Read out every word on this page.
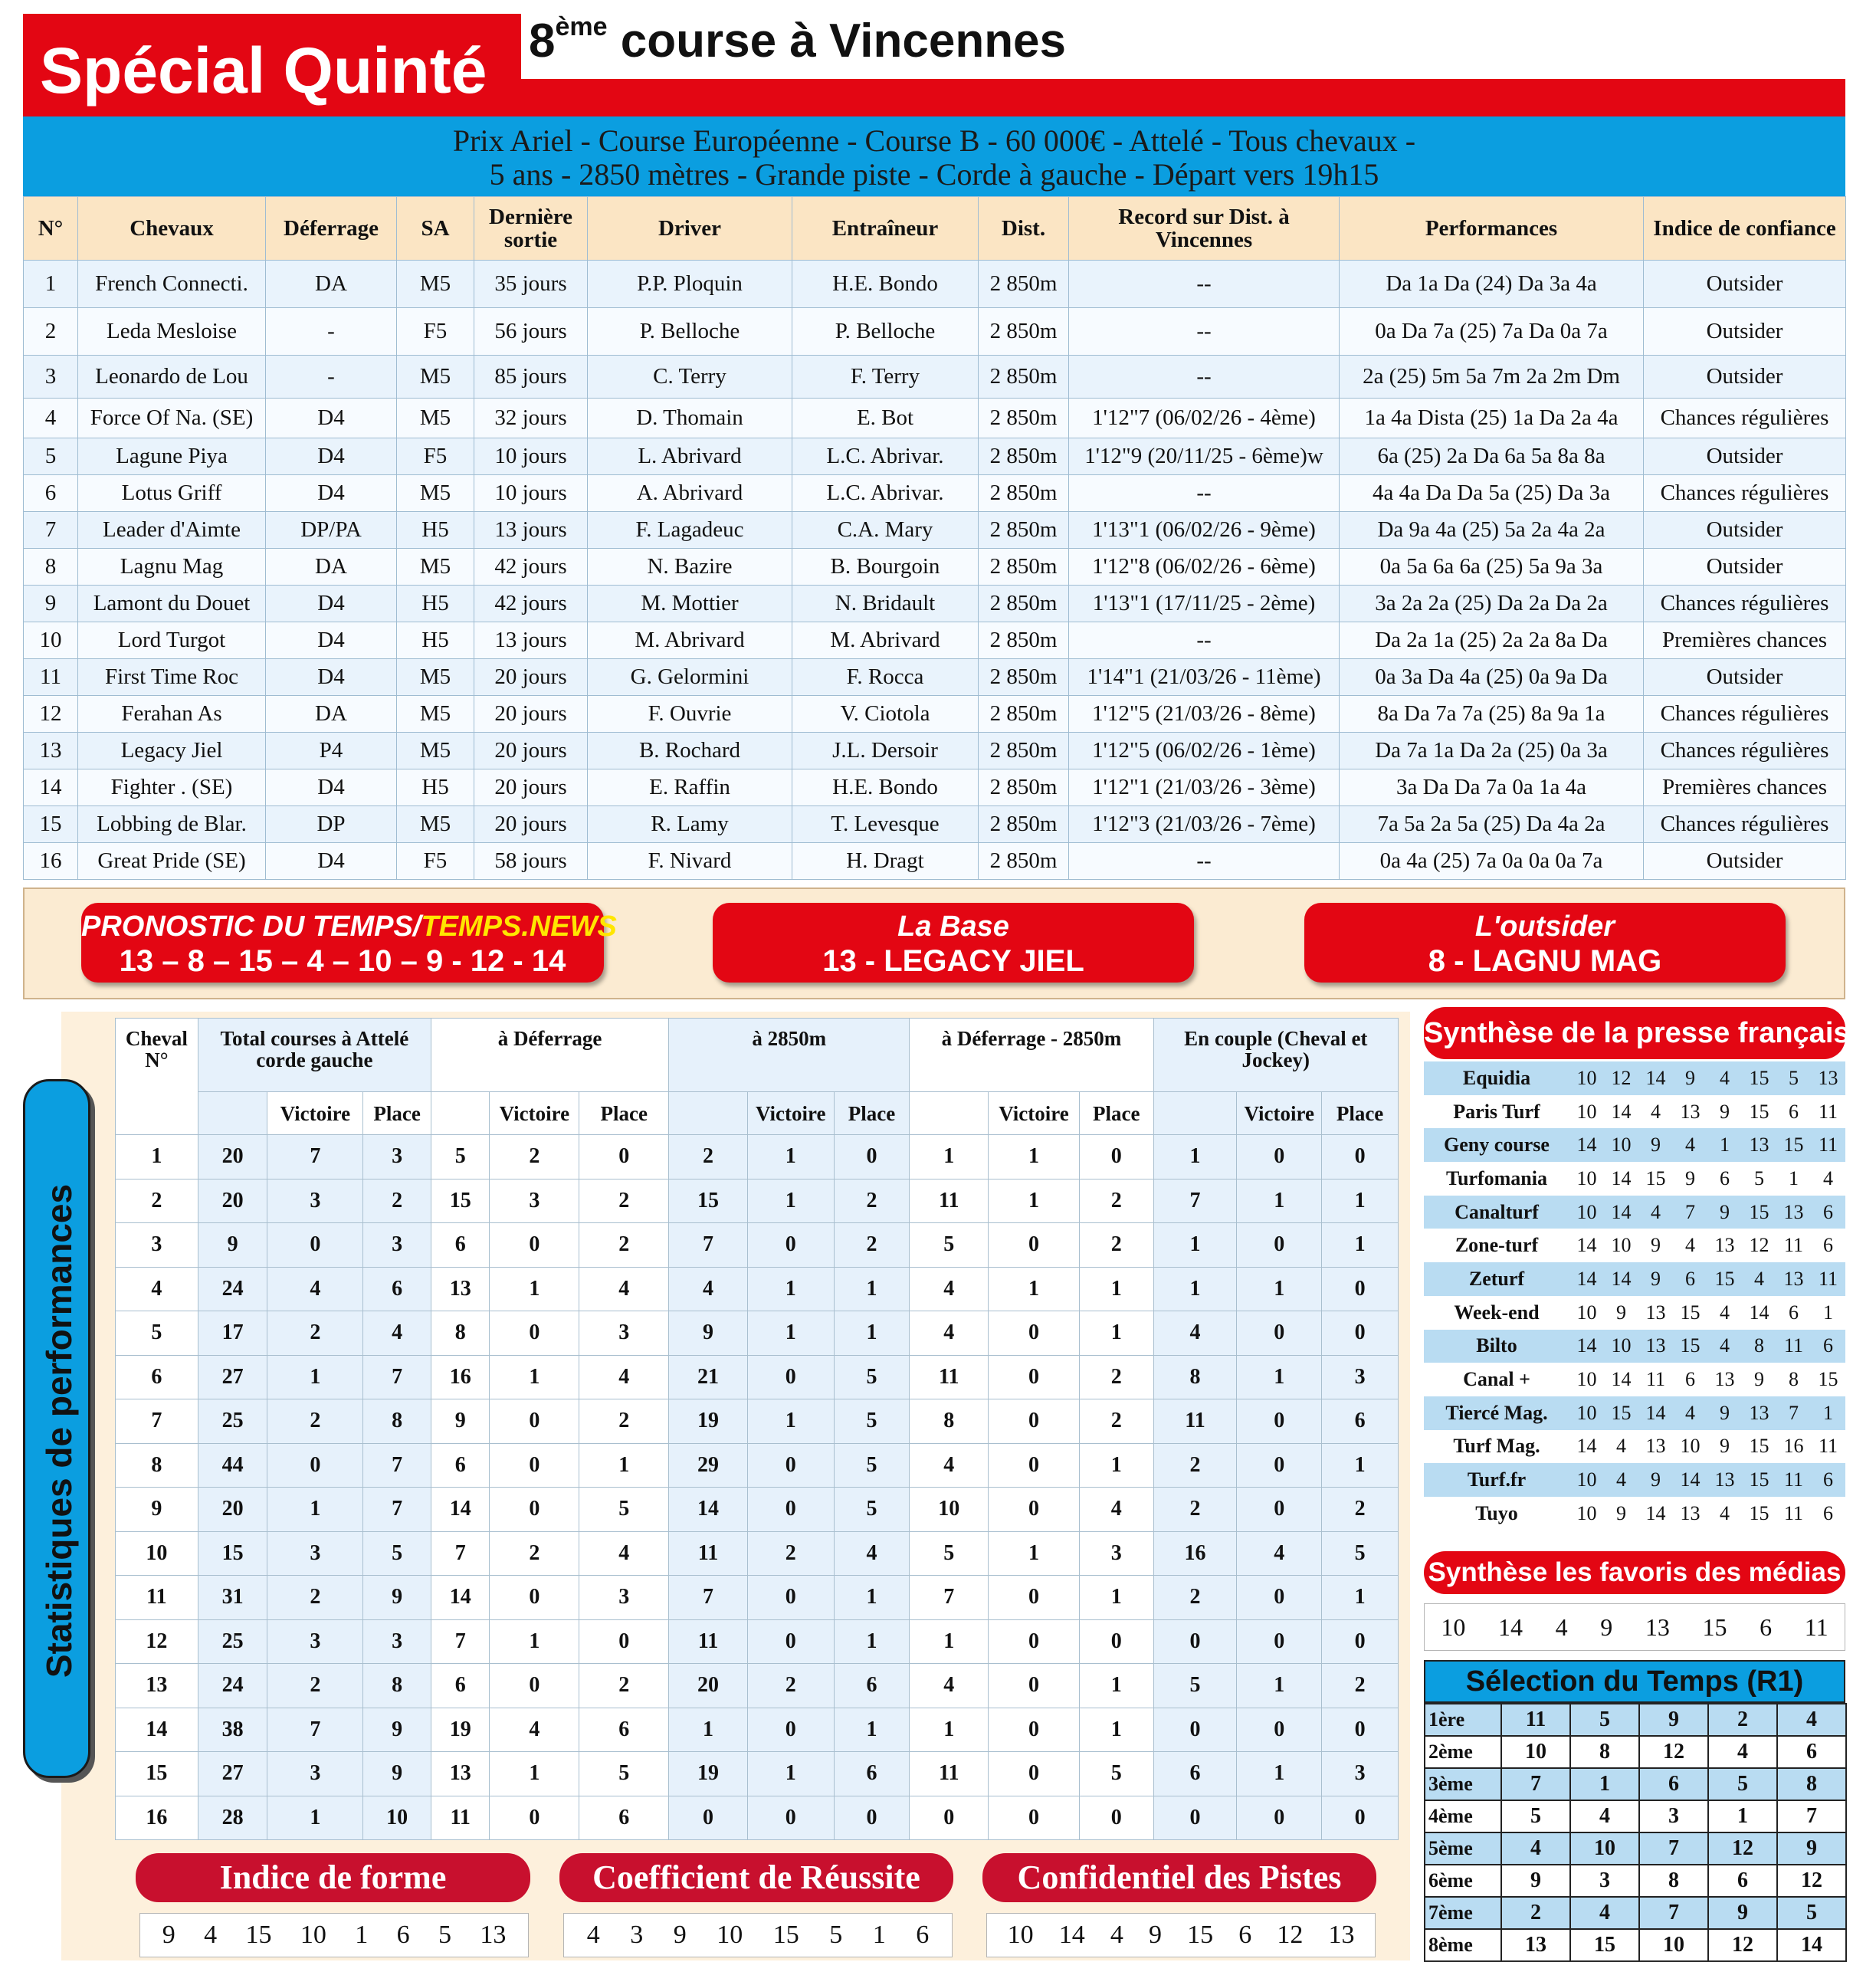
Spécial Quinté 8ème course à Vincennes
Prix Ariel - Course Européenne - Course B - 60 000€ - Attelé - Tous chevaux -
5 ans - 2850 mètres - Grande piste - Corde à gauche - Départ vers 19h15
N°	Chevaux	Déferrage	SA	Dernière sortie	Driver	Entraîneur	Dist.	Record sur Dist. à Vincennes	Performances	Indice de confiance
1	French Connecti.	DA	M5	35 jours	P.P. Ploquin	H.E. Bondo	2 850m	--	Da 1a Da (24) Da 3a 4a	Outsider
2	Leda Mesloise	-	F5	56 jours	P. Belloche	P. Belloche	2 850m	--	0a Da 7a (25) 7a Da 0a 7a	Outsider
3	Leonardo de Lou	-	M5	85 jours	C. Terry	F. Terry	2 850m	--	2a (25) 5m 5a 7m 2a 2m Dm	Outsider
4	Force Of Na. (SE)	D4	M5	32 jours	D. Thomain	E. Bot	2 850m	1'12"7 (06/02/26 - 4ème)	1a 4a Dista (25) 1a Da 2a 4a	Chances régulières
5	Lagune Piya	D4	F5	10 jours	L. Abrivard	L.C. Abrivar.	2 850m	1'12"9 (20/11/25 - 6ème)w	6a (25) 2a Da 6a 5a 8a 8a	Outsider
6	Lotus Griff	D4	M5	10 jours	A. Abrivard	L.C. Abrivar.	2 850m	--	4a 4a Da Da 5a (25) Da 3a	Chances régulières
7	Leader d'Aimte	DP/PA	H5	13 jours	F. Lagadeuc	C.A. Mary	2 850m	1'13"1 (06/02/26 - 9ème)	Da 9a 4a (25) 5a 2a 4a 2a	Outsider
8	Lagnu Mag	DA	M5	42 jours	N. Bazire	B. Bourgoin	2 850m	1'12"8 (06/02/26 - 6ème)	0a 5a 6a 6a (25) 5a 9a 3a	Outsider
9	Lamont du Douet	D4	H5	42 jours	M. Mottier	N. Bridault	2 850m	1'13"1 (17/11/25 - 2ème)	3a 2a 2a (25) Da 2a Da 2a	Chances régulières
10	Lord Turgot	D4	H5	13 jours	M. Abrivard	M. Abrivard	2 850m	--	Da 2a 1a (25) 2a 2a 8a Da	Premières chances
11	First Time Roc	D4	M5	20 jours	G. Gelormini	F. Rocca	2 850m	1'14"1 (21/03/26 - 11ème)	0a 3a Da 4a (25) 0a 9a Da	Outsider
12	Ferahan As	DA	M5	20 jours	F. Ouvrie	V. Ciotola	2 850m	1'12"5 (21/03/26 - 8ème)	8a Da 7a 7a (25) 8a 9a 1a	Chances régulières
13	Legacy Jiel	P4	M5	20 jours	B. Rochard	J.L. Dersoir	2 850m	1'12"5 (06/02/26 - 1ème)	Da 7a 1a Da 2a (25) 0a 3a	Chances régulières
14	Fighter . (SE)	D4	H5	20 jours	E. Raffin	H.E. Bondo	2 850m	1'12"1 (21/03/26 - 3ème)	3a Da Da 7a 0a 1a 4a	Premières chances
15	Lobbing de Blar.	DP	M5	20 jours	R. Lamy	T. Levesque	2 850m	1'12"3 (21/03/26 - 7ème)	7a 5a 2a 5a (25) Da 4a 2a	Chances régulières
16	Great Pride (SE)	D4	F5	58 jours	F. Nivard	H. Dragt	2 850m	--	0a 4a (25) 7a 0a 0a 0a 7a	Outsider
PRONOSTIC DU TEMPS/TEMPS.NEWS
13 – 8 – 15 – 4 – 10 – 9 - 12 - 14
La Base
13 - LEGACY JIEL
L'outsider
8 - LAGNU MAG
Statistiques de performances
Cheval N°	Total courses à Attelé corde gauche			à Déferrage			à 2850m			à Déferrage - 2850m			En couple (Cheval et Jockey)		
		Victoire	Place		Victoire	Place		Victoire	Place		Victoire	Place		Victoire	Place
1	20	7	3	5	2	0	2	1	0	1	1	0	1	0	0
2	20	3	2	15	3	2	15	1	2	11	1	2	7	1	1
3	9	0	3	6	0	2	7	0	2	5	0	2	1	0	1
4	24	4	6	13	1	4	4	1	1	4	1	1	1	1	0
5	17	2	4	8	0	3	9	1	1	4	0	1	4	0	0
6	27	1	7	16	1	4	21	0	5	11	0	2	8	1	3
7	25	2	8	9	0	2	19	1	5	8	0	2	11	0	6
8	44	0	7	6	0	1	29	0	5	4	0	1	2	0	1
9	20	1	7	14	0	5	14	0	5	10	0	4	2	0	2
10	15	3	5	7	2	4	11	2	4	5	1	3	16	4	5
11	31	2	9	14	0	3	7	0	1	7	0	1	2	0	1
12	25	3	3	7	1	0	11	0	1	1	0	0	0	0	0
13	24	2	8	6	0	2	20	2	6	4	0	1	5	1	2
14	38	7	9	19	4	6	1	0	1	1	0	1	0	0	0
15	27	3	9	13	1	5	19	1	6	11	0	5	6	1	3
16	28	1	10	11	0	6	0	0	0	0	0	0	0	0	0
Indice de forme
9 4 15 10 1 6 5 13
Coefficient de Réussite
4 3 9 10 15 5 1 6
Confidentiel des Pistes
10 14 4 9 15 6 12 13
Synthèse de la presse française
Equidia	10	12	14	9	4	15	5	13
Paris Turf	10	14	4	13	9	15	6	11
Geny course	14	10	9	4	1	13	15	11
Turfomania	10	14	15	9	6	5	1	4
Canalturf	10	14	4	7	9	15	13	6
Zone-turf	14	10	9	4	13	12	11	6
Zeturf	14	14	9	6	15	4	13	11
Week-end	10	9	13	15	4	14	6	1
Bilto	14	10	13	15	4	8	11	6
Canal +	10	14	11	6	13	9	8	15
Tiercé Mag.	10	15	14	4	9	13	7	1
Turf Mag.	14	4	13	10	9	15	16	11
Turf.fr	10	4	9	14	13	15	11	6
Tuyo	10	9	14	13	4	15	11	6
Synthèse les favoris des médias
10 14 4 9 13 15 6 11
Sélection du Temps (R1)
1ère	11	5	9	2	4
2ème	10	8	12	4	6
3ème	7	1	6	5	8
4ème	5	4	3	1	7
5ème	4	10	7	12	9
6ème	9	3	8	6	12
7ème	2	4	7	9	5
8ème	13	15	10	12	14
